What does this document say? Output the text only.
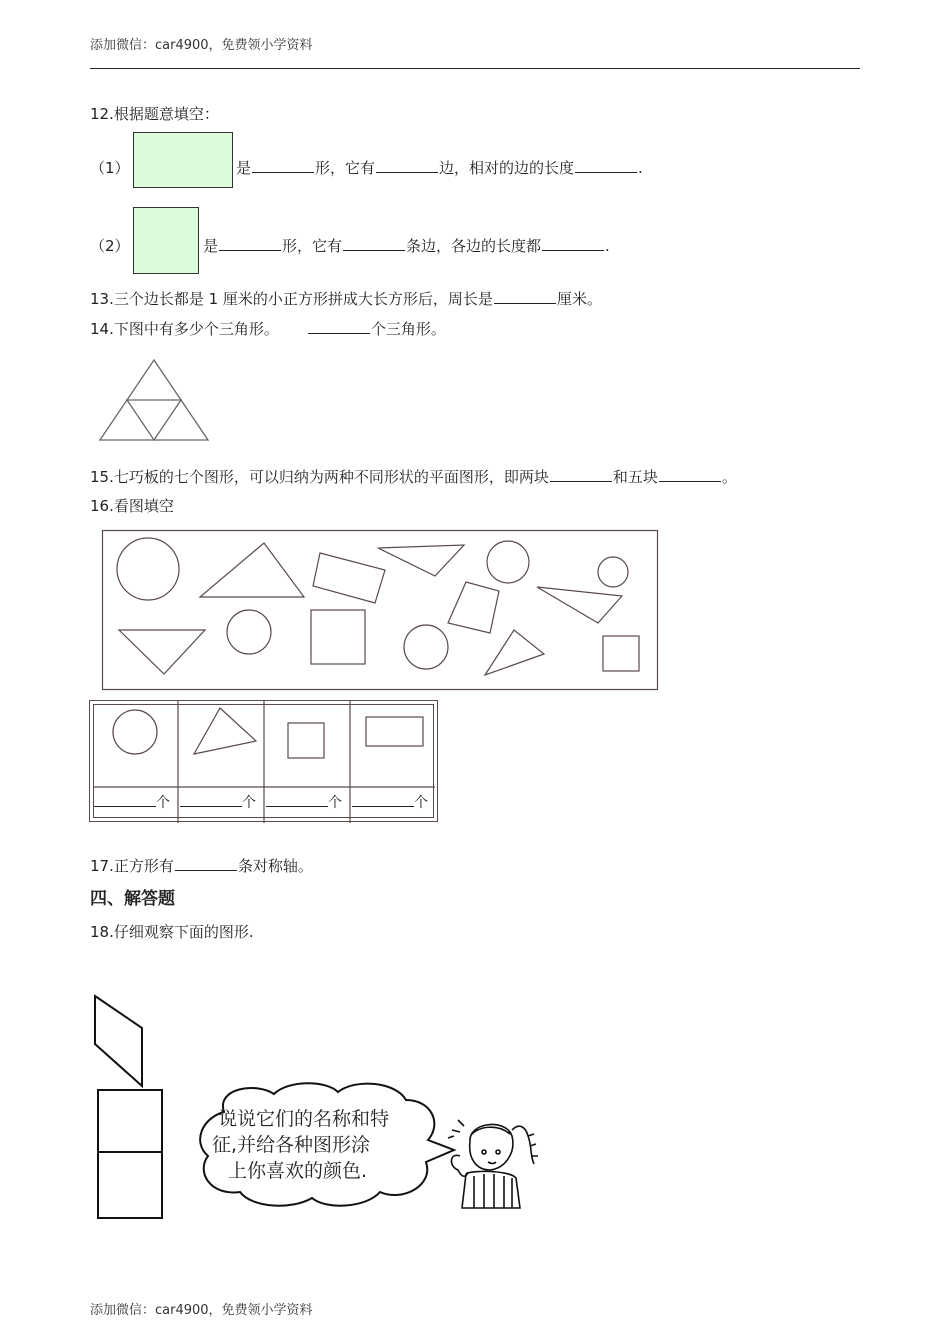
添加微信：car4900，免费领小学资料
12.根据题意填空：
（1）	是	形，它有	边，相对的边的长度	.
（2）	是	形，它有	条边，各边的长度都	.
13.三个边长都是 1 厘米的小正方形拼成大长方形后，周长是	厘米。
14.下图中有多少个三角形。	个三角形。
15.七巧板的七个图形，可以归纳为两种不同形状的平面图形，即两块	和五块	。
16.看图填空
个	个	个	个
17.正方形有	条对称轴。
四、解答题
18.仔细观察下面的图形.
说说它们的名称和特
征,并给各种图形涂
上你喜欢的颜色.
添加微信：car4900，免费领小学资料
